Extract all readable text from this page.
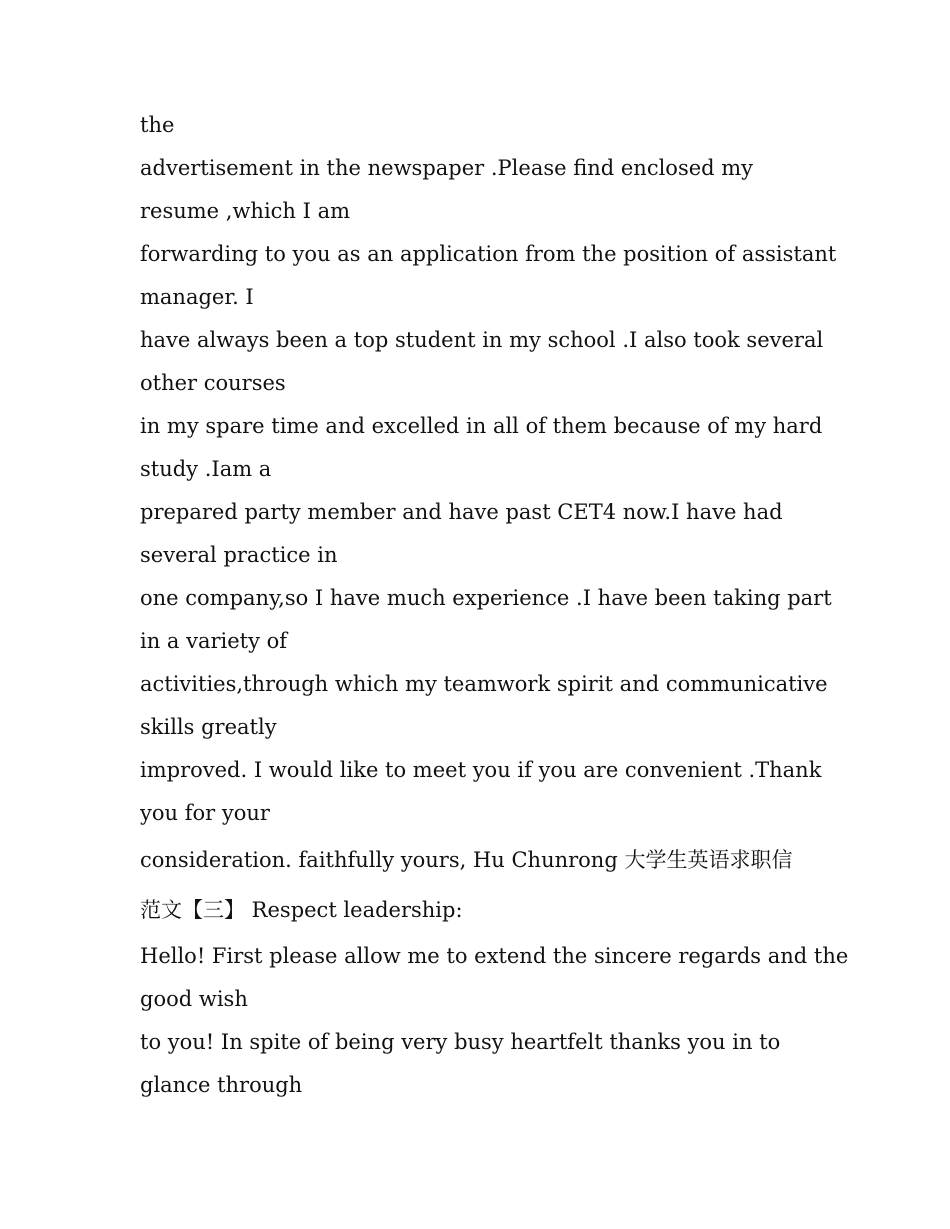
the
advertisement in the newspaper .Please find enclosed my
resume ,which I am
forwarding to you as an application from the position of assistant
manager. I
have always been a top student in my school .I also took several
other courses
in my spare time and excelled in all of them because of my hard
study .Iam a
prepared party member and have past CET4 now.I have had
several practice in
one company,so I have much experience .I have been taking part
in a variety of
activities,through which my teamwork spirit and communicative
skills greatly
improved. I would like to meet you if you are convenient .Thank
you for your
consideration. faithfully yours, Hu Chunrong 大学生英语求职信
范文【三】 Respect leadership:
Hello! First please allow me to extend the sincere regards and the
good wish
to you! In spite of being very busy heartfelt thanks you in to
glance through
